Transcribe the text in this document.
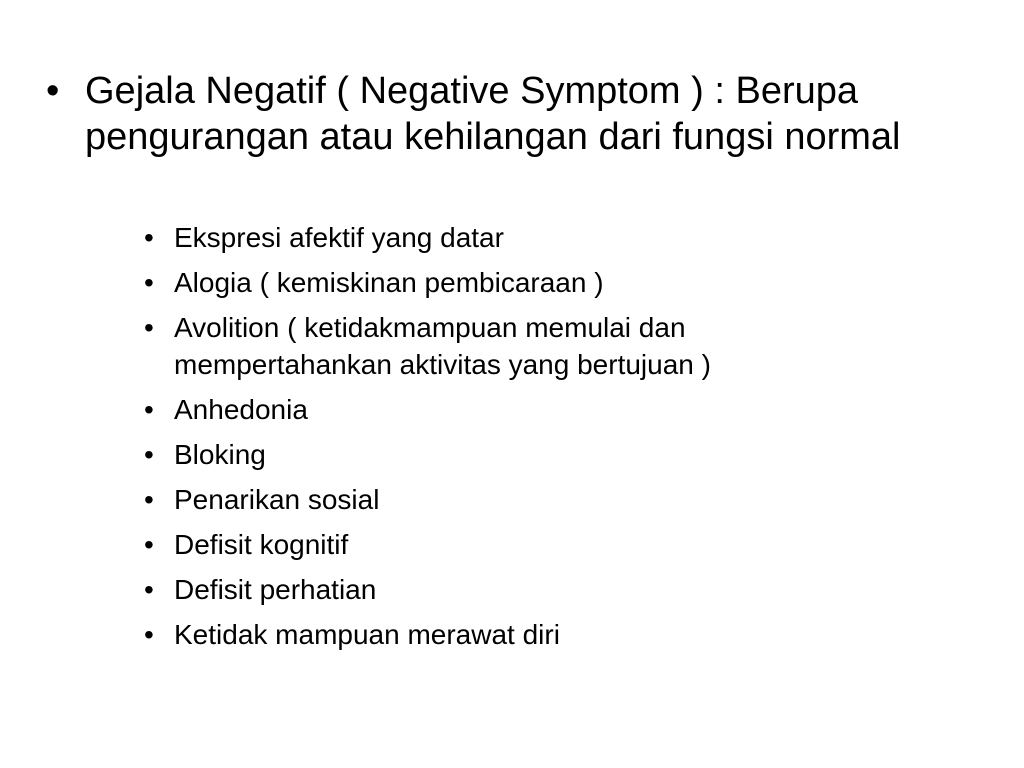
• Gejala Negatif ( Negative Symptom ) : Berupa pengurangan atau kehilangan dari fungsi normal
• Ekspresi afektif yang datar
• Alogia ( kemiskinan pembicaraan )
• Avolition ( ketidakmampuan memulai dan mempertahankan aktivitas yang bertujuan )
• Anhedonia
• Bloking
• Penarikan sosial
• Defisit kognitif
• Defisit perhatian
• Ketidak mampuan merawat diri
